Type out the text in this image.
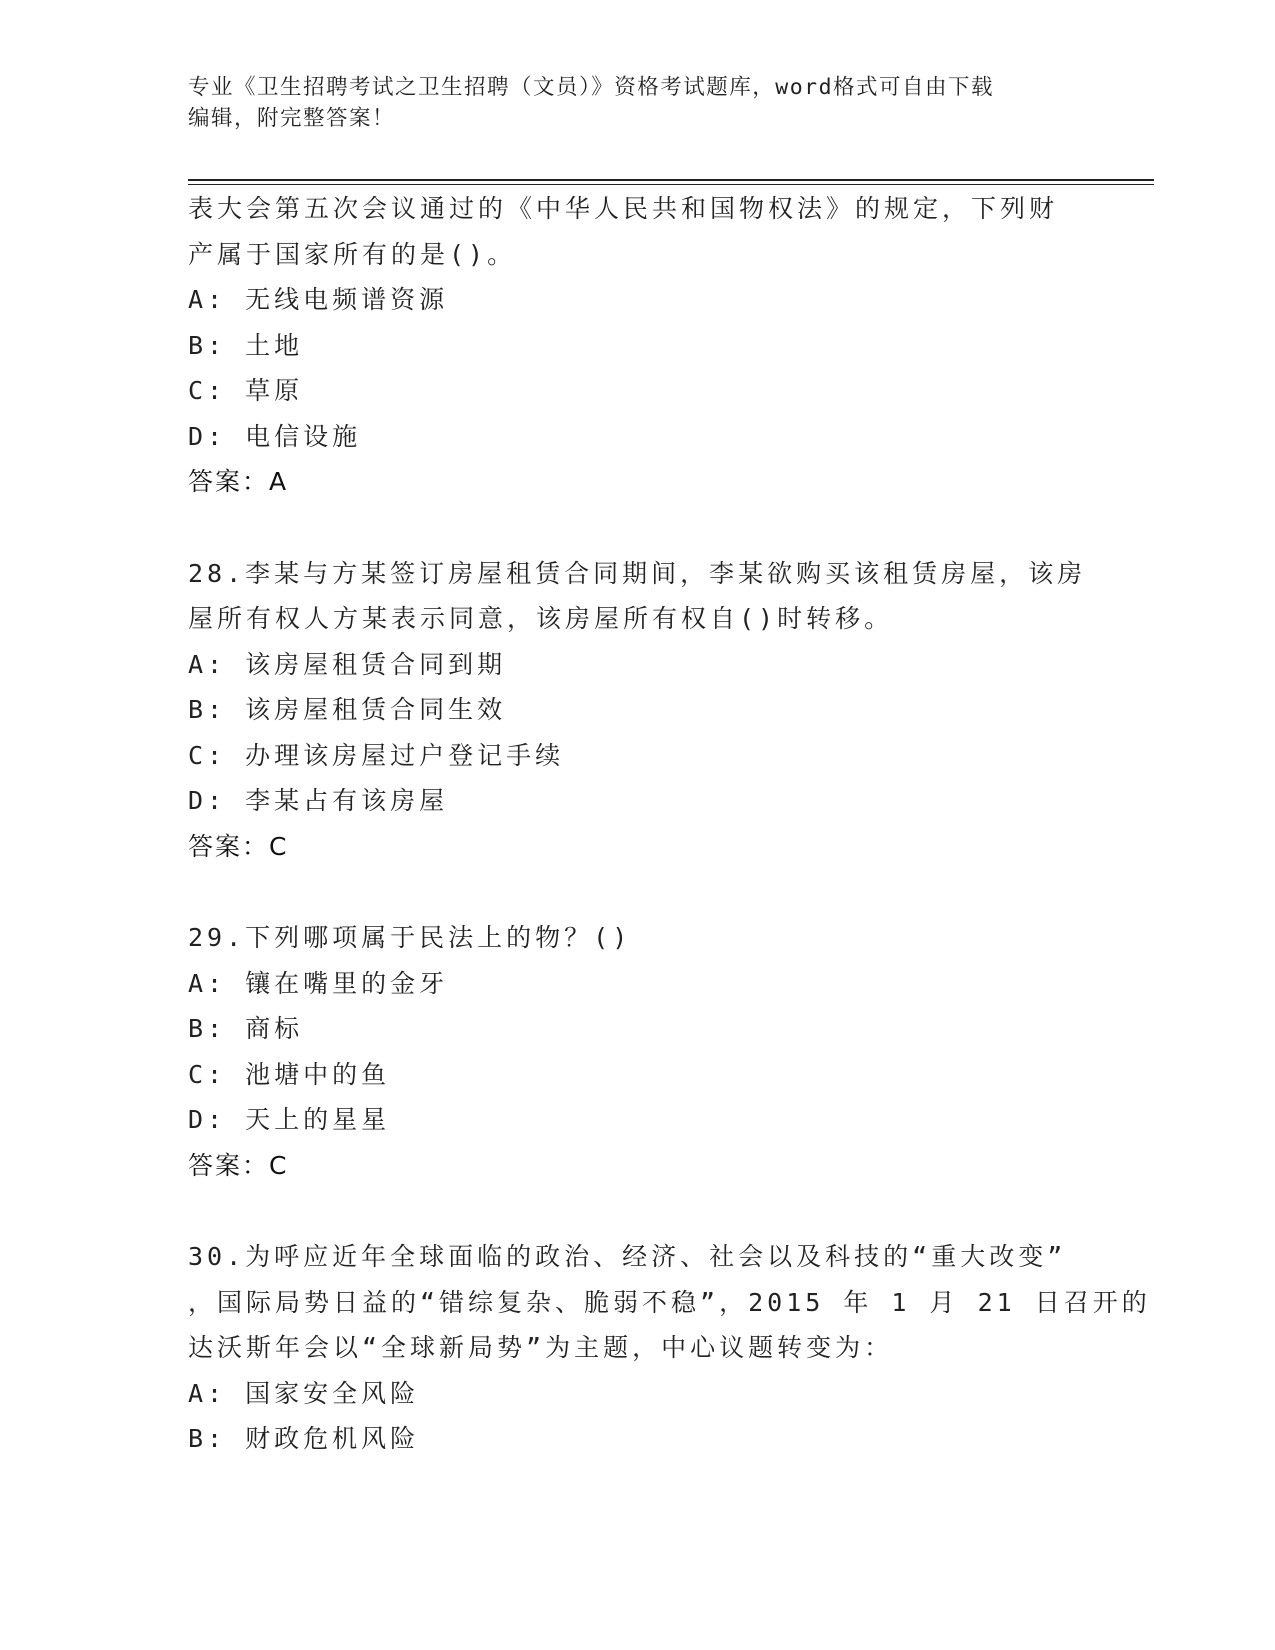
专业《卫生招聘考试之卫生招聘（文员）》资格考试题库，word格式可自由下载
编辑，附完整答案！
表大会第五次会议通过的《中华人民共和国物权法》的规定，下列财
产属于国家所有的是()。
A: 无线电频谱资源
B: 土地
C: 草原
D: 电信设施
答案：A
28.李某与方某签订房屋租赁合同期间，李某欲购买该租赁房屋，该房
屋所有权人方某表示同意，该房屋所有权自()时转移。
A: 该房屋租赁合同到期
B: 该房屋租赁合同生效
C: 办理该房屋过户登记手续
D: 李某占有该房屋
答案：C
29.下列哪项属于民法上的物？()
A: 镶在嘴里的金牙
B: 商标
C: 池塘中的鱼
D: 天上的星星
答案：C
30.为呼应近年全球面临的政治、经济、社会以及科技的“重大改变”
，国际局势日益的“错综复杂、脆弱不稳”，2015 年 1 月 21 日召开的
达沃斯年会以“全球新局势”为主题，中心议题转变为：
A: 国家安全风险
B: 财政危机风险
